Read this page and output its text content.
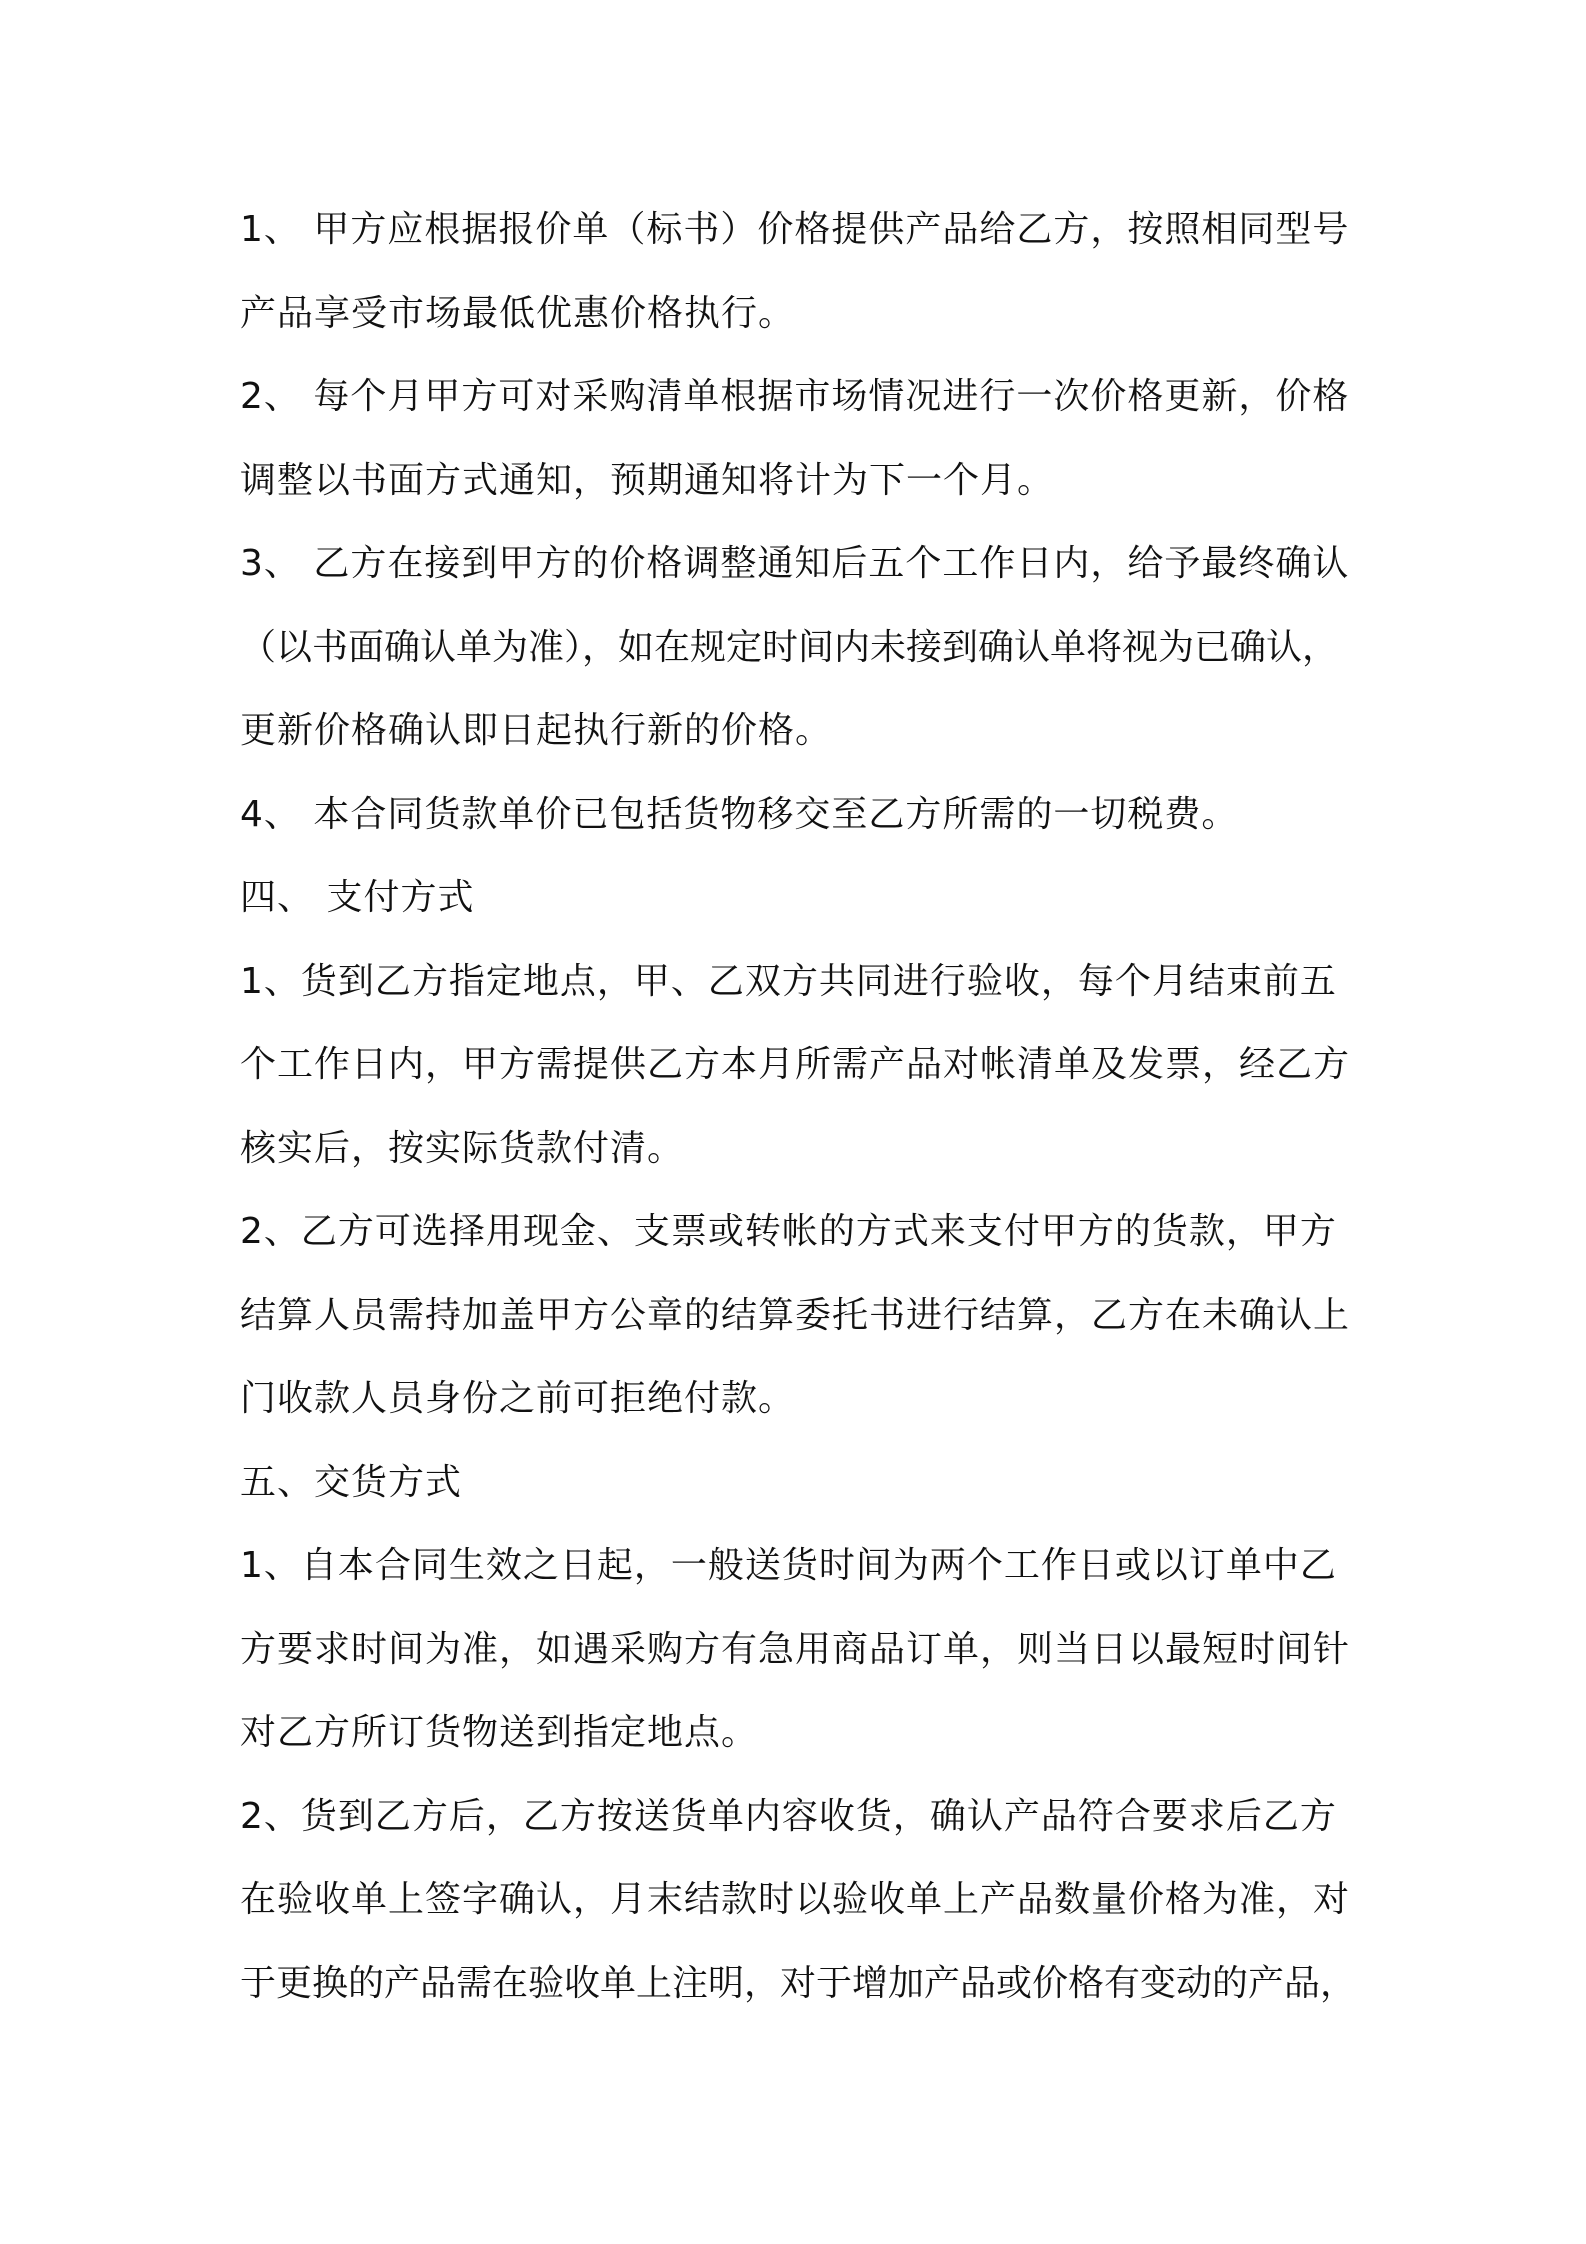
1、 甲方应根据报价单（标书）价格提供产品给乙方，按照相同型号
产品享受市场最低优惠价格执行。
2、 每个月甲方可对采购清单根据市场情况进行一次价格更新，价格
调整以书面方式通知，预期通知将计为下一个月。
3、 乙方在接到甲方的价格调整通知后五个工作日内，给予最终确认
（以书面确认单为准），如在规定时间内未接到确认单将视为已确认，
更新价格确认即日起执行新的价格。
4、 本合同货款单价已包括货物移交至乙方所需的一切税费。
四、 支付方式
1、货到乙方指定地点，甲、乙双方共同进行验收，每个月结束前五
个工作日内，甲方需提供乙方本月所需产品对帐清单及发票，经乙方
核实后，按实际货款付清。
2、乙方可选择用现金、支票或转帐的方式来支付甲方的货款，甲方
结算人员需持加盖甲方公章的结算委托书进行结算，乙方在未确认上
门收款人员身份之前可拒绝付款。
五、交货方式
1、自本合同生效之日起，一般送货时间为两个工作日或以订单中乙
方要求时间为准，如遇采购方有急用商品订单，则当日以最短时间针
对乙方所订货物送到指定地点。
2、货到乙方后，乙方按送货单内容收货，确认产品符合要求后乙方
在验收单上签字确认，月末结款时以验收单上产品数量价格为准，对
于更换的产品需在验收单上注明，对于增加产品或价格有变动的产品，
